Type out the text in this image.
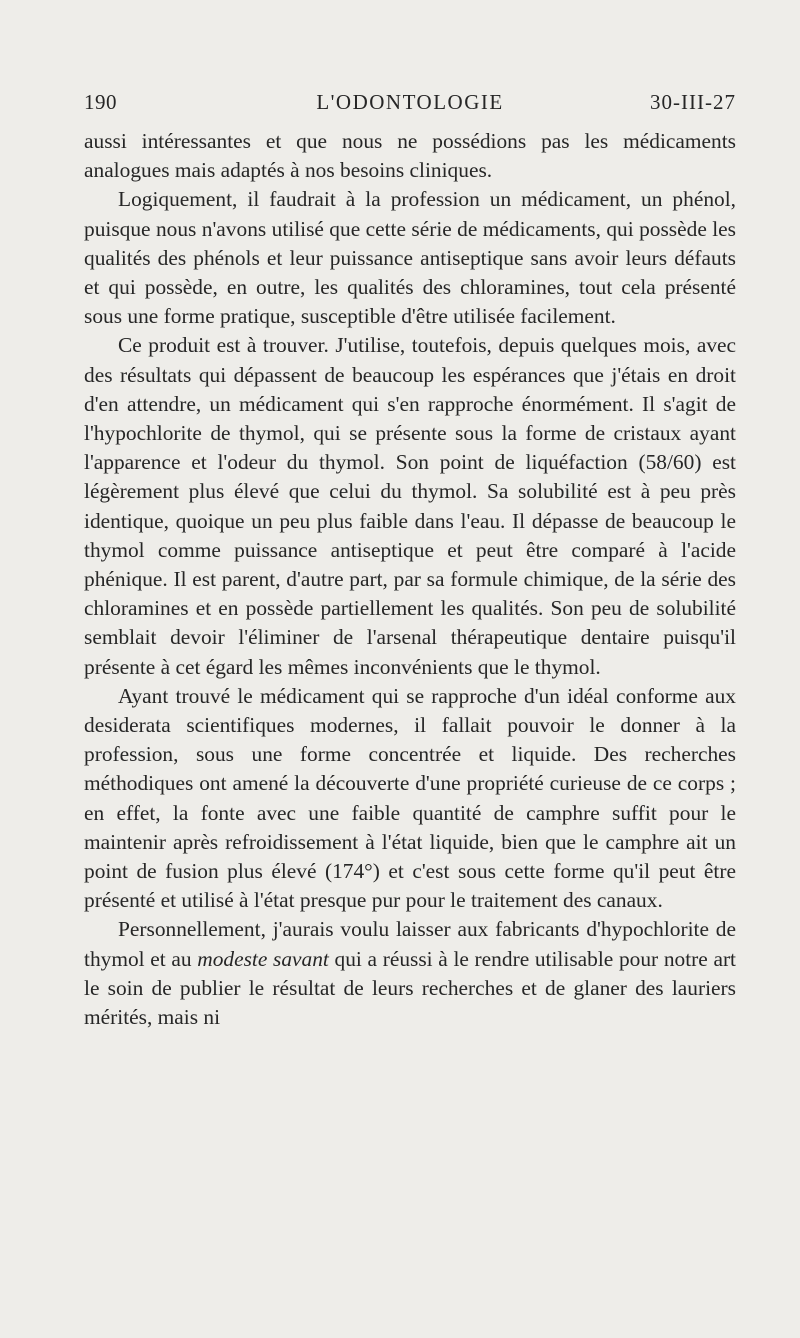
190	L'ODONTOLOGIE	30-III-27

aussi intéressantes et que nous ne possédions pas les médicaments analogues mais adaptés à nos besoins cliniques.

Logiquement, il faudrait à la profession un médicament, un phénol, puisque nous n'avons utilisé que cette série de médicaments, qui possède les qualités des phénols et leur puissance antiseptique sans avoir leurs défauts et qui possède, en outre, les qualités des chloramines, tout cela présenté sous une forme pratique, susceptible d'être utilisée facilement.

Ce produit est à trouver. J'utilise, toutefois, depuis quelques mois, avec des résultats qui dépassent de beaucoup les espérances que j'étais en droit d'en attendre, un médicament qui s'en rapproche énormément. Il s'agit de l'hypochlorite de thymol, qui se présente sous la forme de cristaux ayant l'apparence et l'odeur du thymol. Son point de liquéfaction (58/60) est légèrement plus élevé que celui du thymol. Sa solubilité est à peu près identique, quoique un peu plus faible dans l'eau. Il dépasse de beaucoup le thymol comme puissance antiseptique et peut être comparé à l'acide phénique. Il est parent, d'autre part, par sa formule chimique, de la série des chloramines et en possède partiellement les qualités. Son peu de solubilité semblait devoir l'éliminer de l'arsenal thérapeutique dentaire puisqu'il présente à cet égard les mêmes inconvénients que le thymol.

Ayant trouvé le médicament qui se rapproche d'un idéal conforme aux desiderata scientifiques modernes, il fallait pouvoir le donner à la profession, sous une forme concentrée et liquide. Des recherches méthodiques ont amené la découverte d'une propriété curieuse de ce corps ; en effet, la fonte avec une faible quantité de camphre suffit pour le maintenir après refroidissement à l'état liquide, bien que le camphre ait un point de fusion plus élevé (174°) et c'est sous cette forme qu'il peut être présenté et utilisé à l'état presque pur pour le traitement des canaux.

Personnellement, j'aurais voulu laisser aux fabricants d'hypochlorite de thymol et au modeste savant qui a réussi à le rendre utilisable pour notre art le soin de publier le résultat de leurs recherches et de glaner des lauriers mérités, mais ni
